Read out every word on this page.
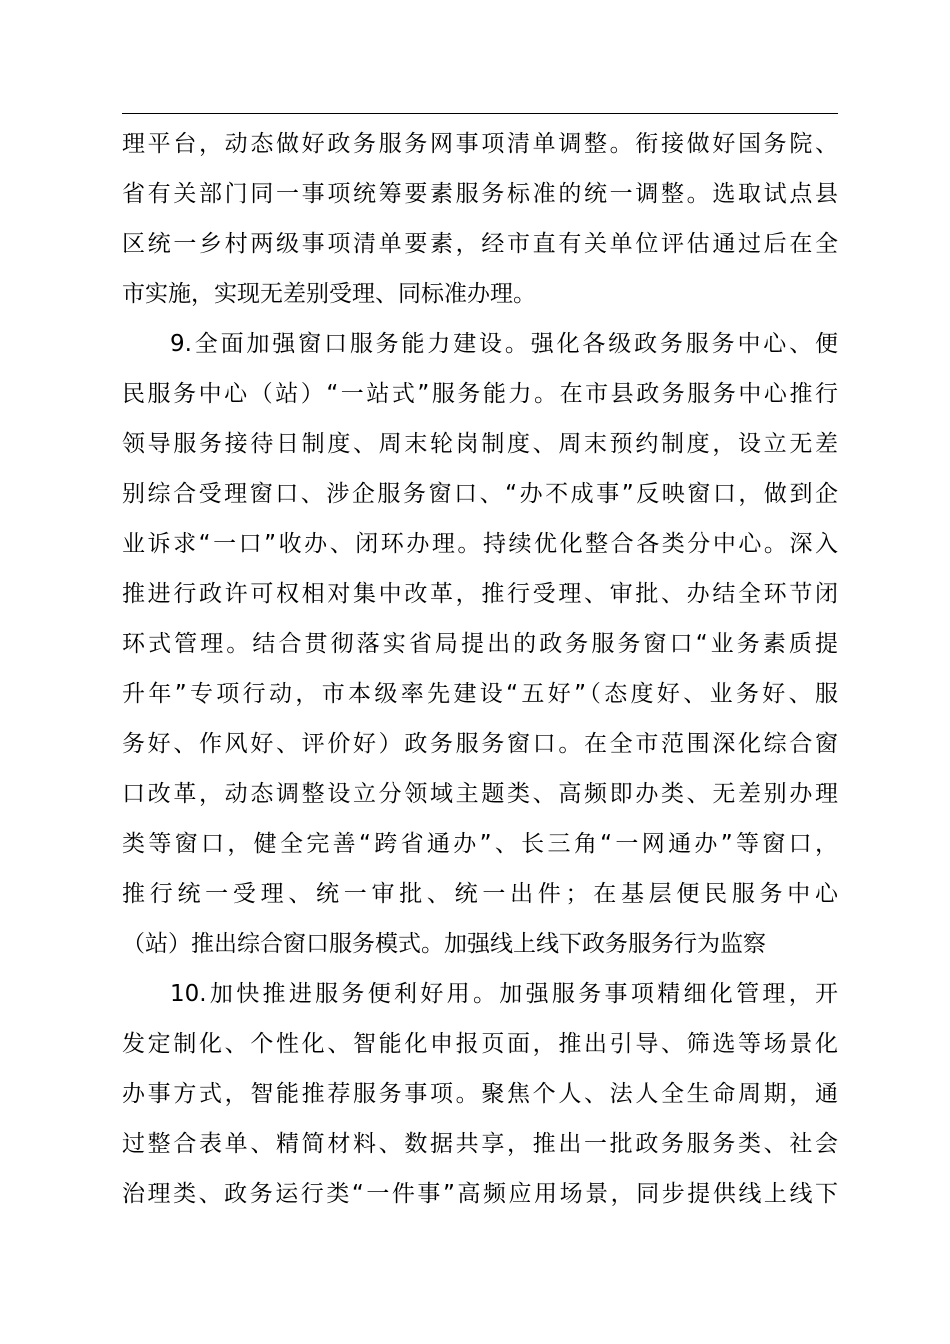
理平台，动态做好政务服务网事项清单调整。衔接做好国务院、
省有关部门同一事项统筹要素服务标准的统一调整。选取试点县
区统一乡村两级事项清单要素，经市直有关单位评估通过后在全
市实施，实现无差别受理、同标准办理。
9.全面加强窗口服务能力建设。强化各级政务服务中心、便
民服务中心（站）“一站式”服务能力。在市县政务服务中心推行
领导服务接待日制度、周末轮岗制度、周末预约制度，设立无差
别综合受理窗口、涉企服务窗口、“办不成事”反映窗口，做到企
业诉求“一口”收办、闭环办理。持续优化整合各类分中心。深入
推进行政许可权相对集中改革，推行受理、审批、办结全环节闭
环式管理。结合贯彻落实省局提出的政务服务窗口“业务素质提
升年”专项行动，市本级率先建设“五好”（态度好、业务好、服
务好、作风好、评价好）政务服务窗口。在全市范围深化综合窗
口改革，动态调整设立分领域主题类、高频即办类、无差别办理
类等窗口，健全完善“跨省通办”、长三角“一网通办”等窗口，
推行统一受理、统一审批、统一出件；在基层便民服务中心
（站）推出综合窗口服务模式。加强线上线下政务服务行为监察
10.加快推进服务便利好用。加强服务事项精细化管理，开
发定制化、个性化、智能化申报页面，推出引导、筛选等场景化
办事方式，智能推荐服务事项。聚焦个人、法人全生命周期，通
过整合表单、精简材料、数据共享，推出一批政务服务类、社会
治理类、政务运行类“一件事”高频应用场景，同步提供线上线下
